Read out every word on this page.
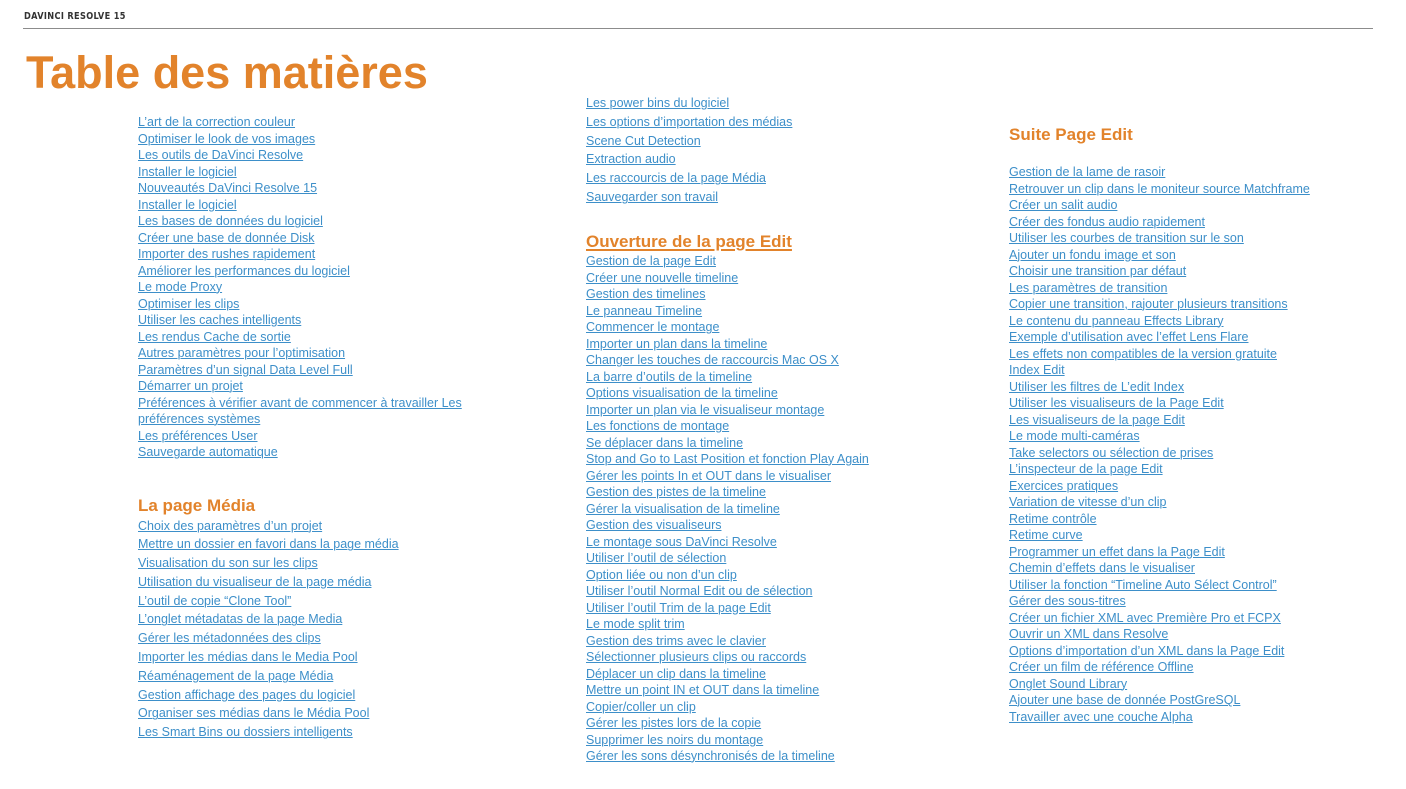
DAVINCI RESOLVE 15
Table des matières
L’art de la correction couleur
Optimiser le look de vos images
Les outils de DaVinci Resolve
Installer le logiciel
Nouveautés DaVinci Resolve 15
Installer le logiciel
Les bases de données du logiciel
Créer une base de donnée Disk
Importer des rushes rapidement
Améliorer les performances du logiciel
Le mode Proxy
Optimiser les clips
Utiliser les caches intelligents
Les rendus Cache de sortie
Autres paramètres pour l’optimisation
Paramètres d’un signal Data Level Full
Démarrer un projet
Préférences à vérifier avant de commencer à travailler Les préférences systèmes
Les préférences User
Sauvegarde automatique
La page Média
Choix des paramètres d’un projet
Mettre un dossier en favori dans la page média
Visualisation du son sur les clips
Utilisation du visualiseur de la page média
L’outil de copie “Clone Tool”
L’onglet métadatas de la page Media
Gérer les métadonnées des clips
Importer les médias dans le Media Pool
Réaménagement de la page Média
Gestion affichage des pages du logiciel
Organiser ses médias dans le Média Pool
Les Smart Bins ou dossiers intelligents
Les power bins du logiciel
Les options d’importation des médias
Scene Cut Detection
Extraction audio
Les raccourcis de la page Média
Sauvegarder son travail
Ouverture de la page Edit
Gestion de la page Edit
Créer une nouvelle timeline
Gestion des timelines
Le panneau Timeline
Commencer le montage
Importer un plan dans la timeline
Changer les touches de raccourcis Mac OS X
La barre d’outils de la timeline
Options visualisation de la timeline
Importer un plan via le visualiseur montage
Les fonctions de montage
Se déplacer dans la timeline
Stop and Go to Last Position et fonction Play Again
Gérer les points In et OUT dans le visualiser
Gestion des pistes de la timeline
Gérer la visualisation de la timeline
Gestion des visualiseurs
Le montage sous DaVinci Resolve
Utiliser l’outil de sélection
Option liée ou non d’un clip
Utiliser l’outil Normal Edit ou de sélection
Utiliser l’outil Trim de la page Edit
Le mode split trim
Gestion des trims avec le clavier
Sélectionner plusieurs clips ou raccords
Déplacer un clip dans la timeline
Mettre un point IN et OUT dans la timeline
Copier/coller un clip
Gérer les pistes lors de la copie
Supprimer les noirs du montage
Gérer les sons désynchronisés de la timeline
Suite Page Edit
Gestion de la lame de rasoir
Retrouver un clip dans le moniteur source Matchframe
Créer un salit audio
Créer des fondus audio rapidement
Utiliser les courbes de transition sur le son
Ajouter un fondu image et son
Choisir une transition par défaut
Les paramètres de transition
Copier une transition, rajouter plusieurs transitions
Le contenu du panneau Effects Library
Exemple d’utilisation avec l’effet Lens Flare
Les effets non compatibles de la version gratuite
Index Edit
Utiliser les filtres de L’edit Index
Utiliser les visualiseurs de la Page Edit
Les visualiseurs de la page Edit
Le mode multi-caméras
Take selectors ou sélection de prises
L’inspecteur de la page Edit
Exercices pratiques
Variation de vitesse d’un clip
Retime contrôle
Retime curve
Programmer un effet dans la Page Edit
Chemin d’effets dans le visualiser
Utiliser la fonction “Timeline Auto Sélect Control”
Gérer des sous-titres
Créer un fichier XML avec Première Pro et FCPX
Ouvrir un XML dans Resolve
Options d’importation d’un XML dans la Page Edit
Créer un film de référence Offline
Onglet Sound Library
Ajouter une base de donnée PostGreSQL
Travailler avec une couche Alpha
